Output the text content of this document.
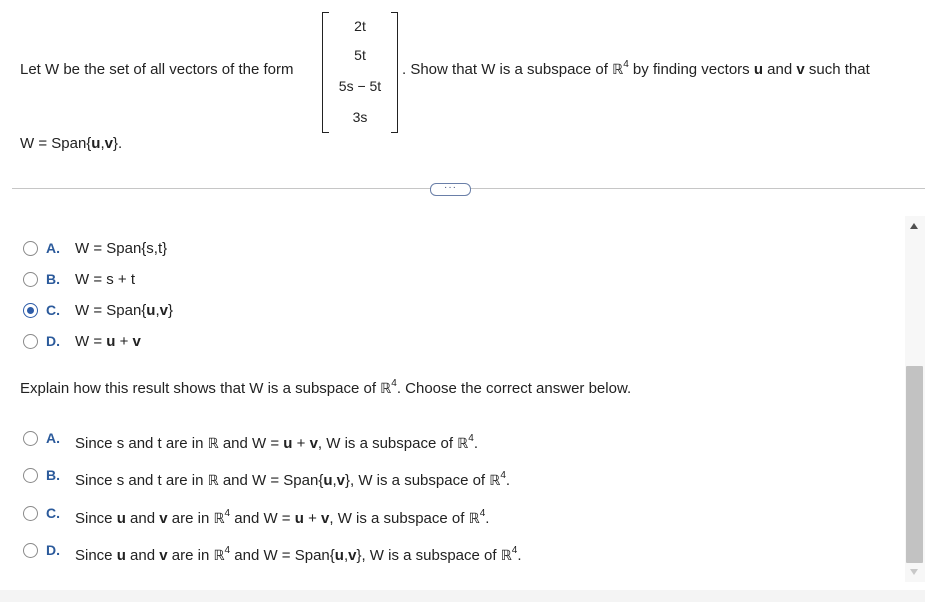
Let W be the set of all vectors of the form
2t
5t
5s − 5t
3s
. Show that W is a subspace of ℝ$^4$ by finding vectors u and v such that
W = Span{u,v}.
···
A. W = Span{s,t}
B. W = s + t
C. W = Span{u,v}
D. W = u + v
Explain how this result shows that W is a subspace of ℝ$^4$. Choose the correct answer below.
A. Since s and t are in ℝ and W = u + v, W is a subspace of ℝ$^4$.
B. Since s and t are in ℝ and W = Span{u,v}, W is a subspace of ℝ$^4$.
C. Since u and v are in ℝ$^4$ and W = u + v, W is a subspace of ℝ$^4$.
D. Since u and v are in ℝ$^4$ and W = Span{u,v}, W is a subspace of ℝ$^4$.
